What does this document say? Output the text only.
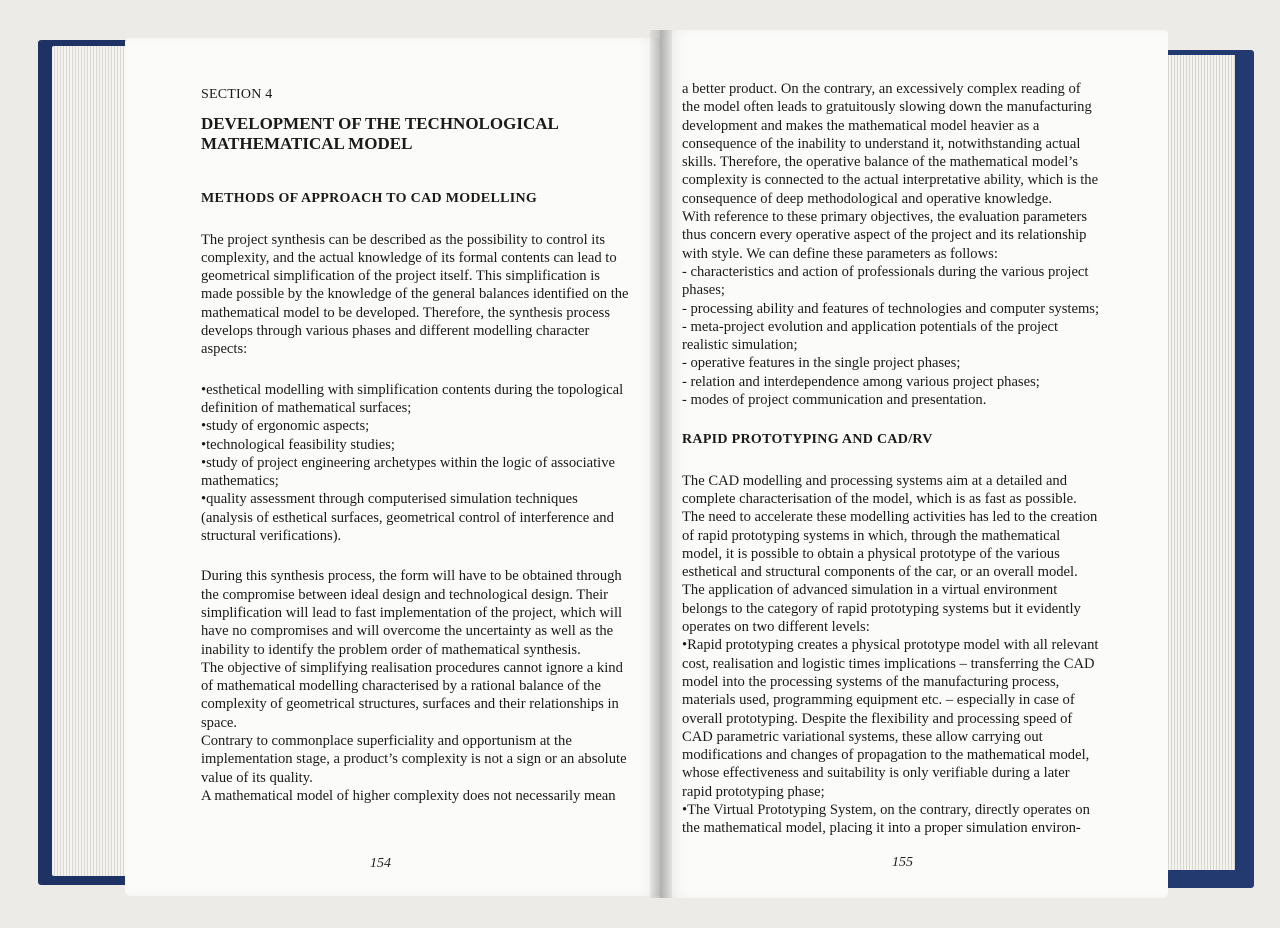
SECTION 4
DEVELOPMENT OF THE TECHNOLOGICAL
MATHEMATICAL MODEL
METHODS OF APPROACH TO CAD MODELLING

The project synthesis can be described as the possibility to control its complexity, and the actual knowledge of its formal contents can lead to geometrical simplification of the project itself. This simplification is made possible by the knowledge of the general balances identified on the mathematical model to be developed. Therefore, the synthesis process develops through various phases and different modelling character aspects:

•esthetical modelling with simplification contents during the topological definition of mathematical surfaces;
•study of ergonomic aspects;
•technological feasibility studies;
•study of project engineering archetypes within the logic of associative mathematics;
•quality assessment through computerised simulation techniques (analysis of esthetical surfaces, geometrical control of interference and structural verifications).

During this synthesis process, the form will have to be obtained through the compromise between ideal design and technological design. Their simplification will lead to fast implementation of the project, which will have no compromises and will overcome the uncertainty as well as the inability to identify the problem order of mathematical synthesis.

The objective of simplifying realisation procedures cannot ignore a kind of mathematical modelling characterised by a rational balance of the complexity of geometrical structures, surfaces and their relationships in space.

Contrary to commonplace superficiality and opportunism at the implementation stage, a product’s complexity is not a sign or an absolute value of its quality.

A mathematical model of higher complexity does not necessarily mean

154

a better product. On the contrary, an excessively complex reading of the model often leads to gratuitously slowing down the manufacturing development and makes the mathematical model heavier as a consequence of the inability to understand it, notwithstanding actual skills. Therefore, the operative balance of the mathematical model’s complexity is connected to the actual interpretative ability, which is the consequence of deep methodological and operative knowledge.

With reference to these primary objectives, the evaluation parameters thus concern every operative aspect of the project and its relationship with style. We can define these parameters as follows:

- characteristics and action of professionals during the various project phases;
- processing ability and features of technologies and computer systems;
- meta-project evolution and application potentials of the project realistic simulation;
- operative features in the single project phases;
- relation and interdependence among various project phases;
- modes of project communication and presentation.
RAPID PROTOTYPING AND CAD/RV

The CAD modelling and processing systems aim at a detailed and complete characterisation of the model, which is as fast as possible.

The need to accelerate these modelling activities has led to the creation of rapid prototyping systems in which, through the mathematical model, it is possible to obtain a physical prototype of the various esthetical and structural components of the car, or an overall model.

The application of advanced simulation in a virtual environment belongs to the category of rapid prototyping systems but it evidently operates on two different levels:

•Rapid prototyping creates a physical prototype model with all relevant cost, realisation and logistic times implications – transferring the CAD model into the processing systems of the manufacturing process, materials used, programming equipment etc. – especially in case of overall prototyping. Despite the flexibility and processing speed of CAD parametric variational systems, these allow carrying out modifications and changes of propagation to the mathematical model, whose effectiveness and suitability is only verifiable during a later rapid prototyping phase;

•The Virtual Prototyping System, on the contrary, directly operates on the mathematical model, placing it into a proper simulation environ-

155
